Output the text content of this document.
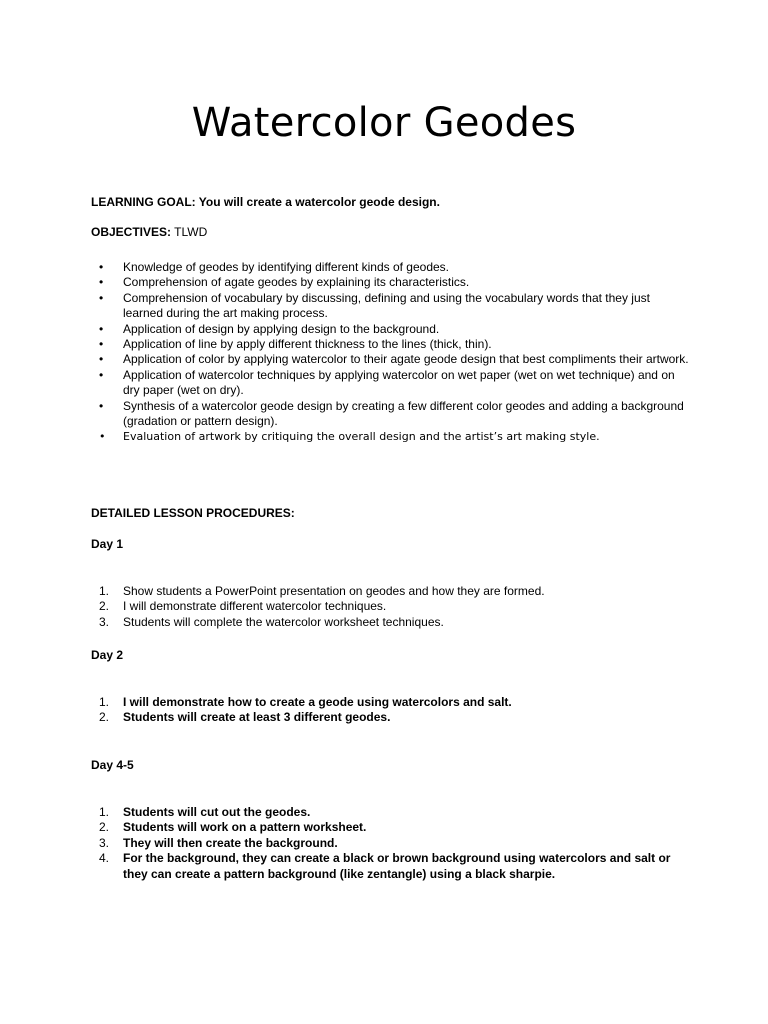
Watercolor Geodes
LEARNING GOAL: You will create a watercolor geode design.
OBJECTIVES: TLWD
• Knowledge of geodes by identifying different kinds of geodes.
• Comprehension of agate geodes by explaining its characteristics.
• Comprehension of vocabulary by discussing, defining and using the vocabulary words that they just learned during the art making process.
• Application of design by applying design to the background.
• Application of line by apply different thickness to the lines (thick, thin).
• Application of color by applying watercolor to their agate geode design that best compliments their artwork.
• Application of watercolor techniques by applying watercolor on wet paper (wet on wet technique) and on dry paper (wet on dry).
• Synthesis of a watercolor geode design by creating a few different color geodes and adding a background (gradation or pattern design).
• Evaluation of artwork by critiquing the overall design and the artist’s art making style.
DETAILED LESSON PROCEDURES:
Day 1
1. Show students a PowerPoint presentation on geodes and how they are formed.
2. I will demonstrate different watercolor techniques.
3. Students will complete the watercolor worksheet techniques.
Day 2
1. I will demonstrate how to create a geode using watercolors and salt.
2. Students will create at least 3 different geodes.
Day 4-5
1. Students will cut out the geodes.
2. Students will work on a pattern worksheet.
3. They will then create the background.
4. For the background, they can create a black or brown background using watercolors and salt or they can create a pattern background (like zentangle) using a black sharpie.
